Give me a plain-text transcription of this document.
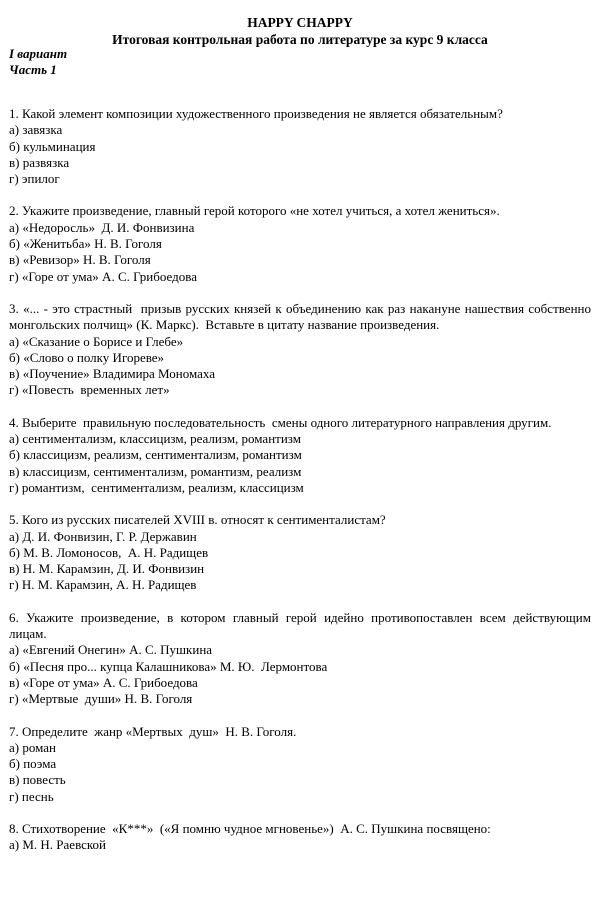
HAPPY CHAPPY
Итоговая контрольная работа по литературе за курс 9 класса
I вариант
Часть 1
1. Какой элемент композиции художественного произведения не является обязательным?
а) завязка
б) кульминация
в) развязка
г) эпилог
2. Укажите произведение, главный герой которого «не хотел учиться, а хотел жениться».
а) «Недоросль»  Д. И. Фонвизина
б) «Женитьба» Н. В. Гоголя
в) «Ревизор» Н. В. Гоголя
г) «Горе от ума» А. С. Грибоедова
3. «... - это страстный  призыв русских князей к объединению как раз накануне нашествия собственно монгольских полчищ» (К. Маркс).  Вставьте в цитату название произведения.
а) «Сказание о Борисе и Глебе»
б) «Слово о полку Игореве»
в) «Поучение» Владимира Мономаха
г) «Повесть  временных лет»
4. Выберите  правильную последовательность  смены одного литературного направления другим.
а) сентиментализм, классицизм, реализм, романтизм
б) классицизм, реализм, сентиментализм, романтизм
в) классицизм, сентиментализм, романтизм, реализм
г) романтизм,  сентиментализм, реализм, классицизм
5. Кого из русских писателей XVIII в. относят к сентименталистам?
а) Д. И. Фонвизин, Г. Р. Державин
б) М. В. Ломоносов,  А. Н. Радищев
в) Н. М. Карамзин, Д. И. Фонвизин
г) Н. М. Карамзин, А. Н. Радищев
6. Укажите произведение, в котором главный герой идейно противопоставлен всем действующим лицам.
а) «Евгений Онегин» А. С. Пушкина
б) «Песня про... купца Калашникова» М. Ю.  Лермонтова
в) «Горе от ума» А. С. Грибоедова
г) «Мертвые  души» Н. В. Гоголя
7. Определите  жанр «Мертвых  душ»  Н. В. Гоголя.
а) роман
б) поэма
в) повесть
г) песнь
8. Стихотворение  «К***»  («Я помню чудное мгновенье»)  А. С. Пушкина посвящено:
а) М. Н. Раевской
